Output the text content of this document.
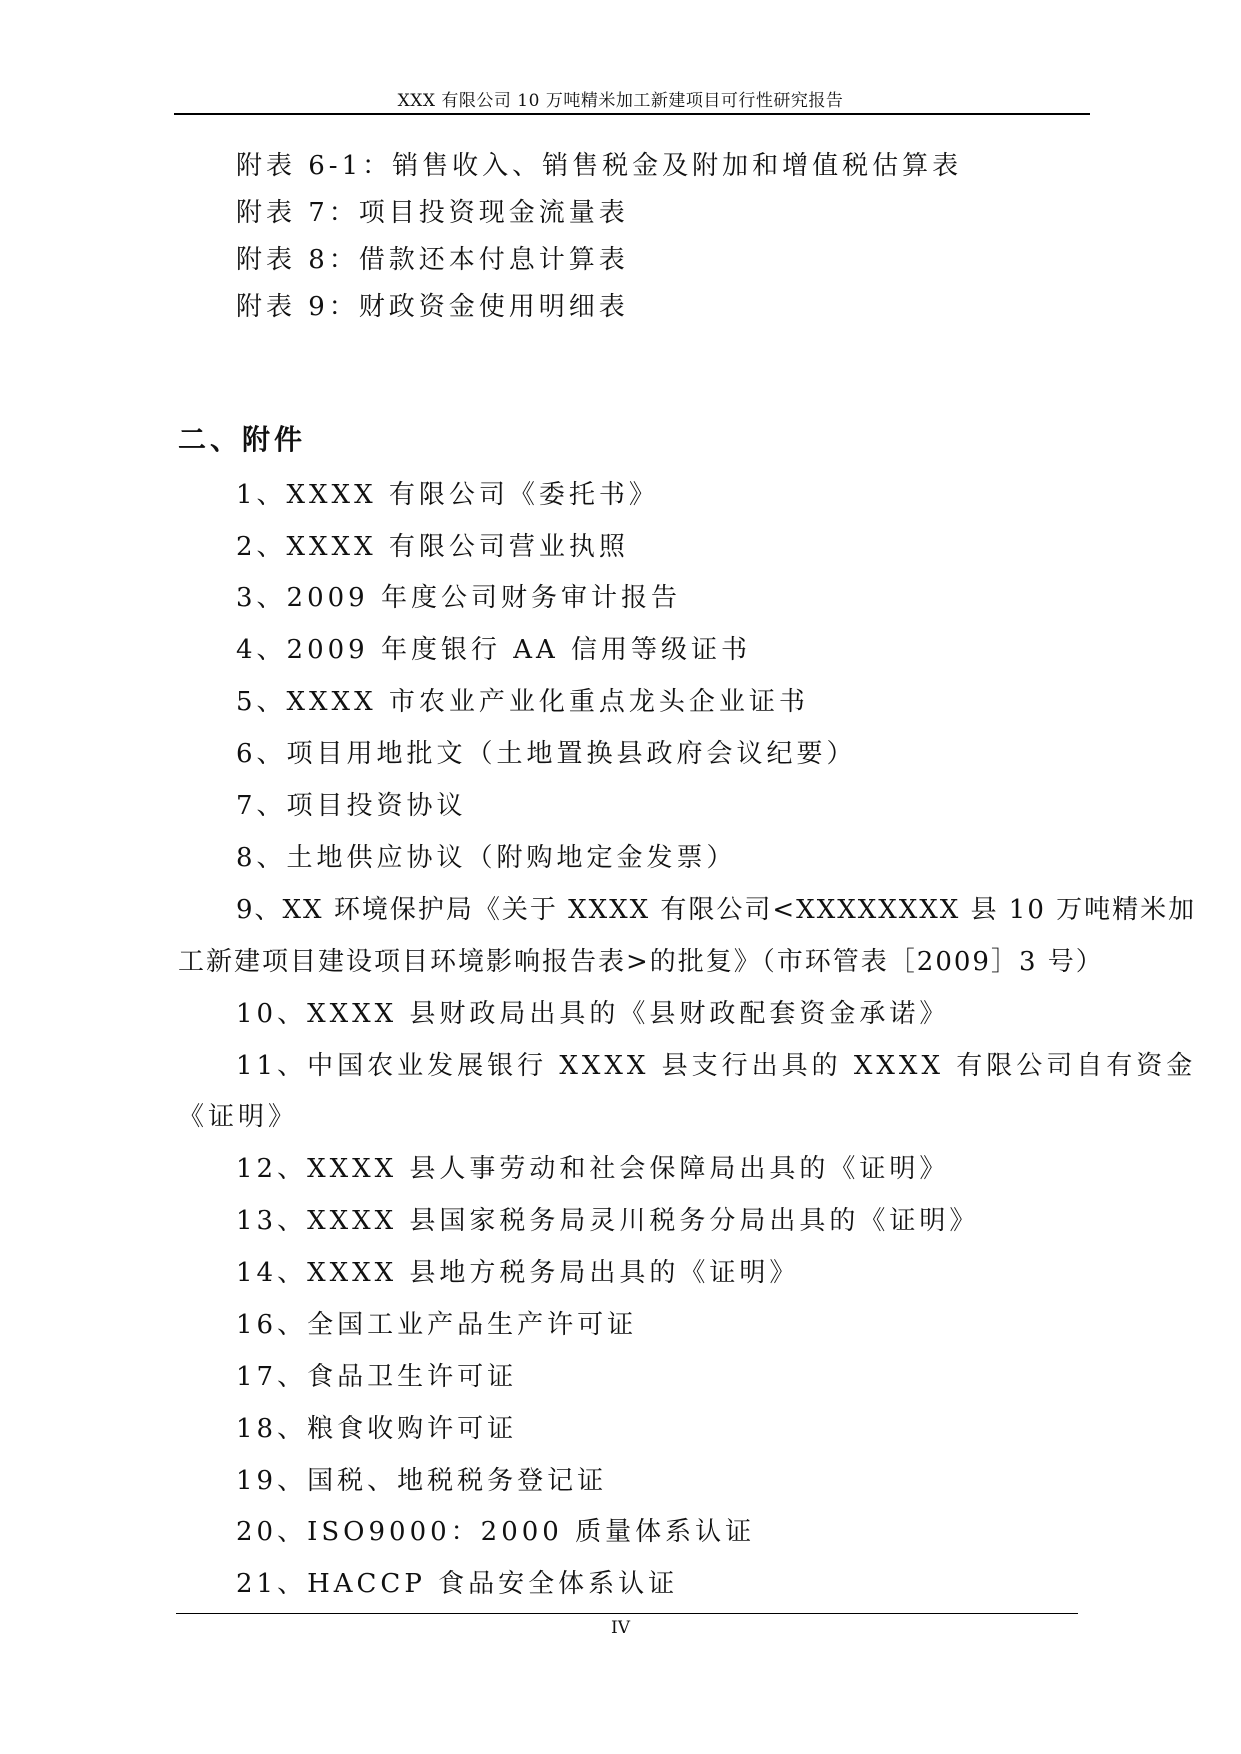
XXX 有限公司 10 万吨精米加工新建项目可行性研究报告
附表 6-1：销售收入、销售税金及附加和增值税估算表
附表 7：项目投资现金流量表
附表 8：借款还本付息计算表
附表 9：财政资金使用明细表
二、附件
1、XXXX 有限公司《委托书》
2、XXXX 有限公司营业执照
3、2009 年度公司财务审计报告
4、2009 年度银行 AA 信用等级证书
5、XXXX 市农业产业化重点龙头企业证书
6、项目用地批文（土地置换县政府会议纪要）
7、项目投资协议
8、土地供应协议（附购地定金发票）
9、XX 环境保护局《关于 XXXX 有限公司<XXXXXXXX 县 10 万吨精米加
工新建项目建设项目环境影响报告表>的批复》（市环管表［2009］3 号）
10、XXXX 县财政局出具的《县财政配套资金承诺》
11、中国农业发展银行 XXXX 县支行出具的 XXXX 有限公司自有资金
《证明》
12、XXXX 县人事劳动和社会保障局出具的《证明》
13、XXXX 县国家税务局灵川税务分局出具的《证明》
14、XXXX 县地方税务局出具的《证明》
16、全国工业产品生产许可证
17、食品卫生许可证
18、粮食收购许可证
19、国税、地税税务登记证
20、ISO9000：2000 质量体系认证
21、HACCP 食品安全体系认证
IV
